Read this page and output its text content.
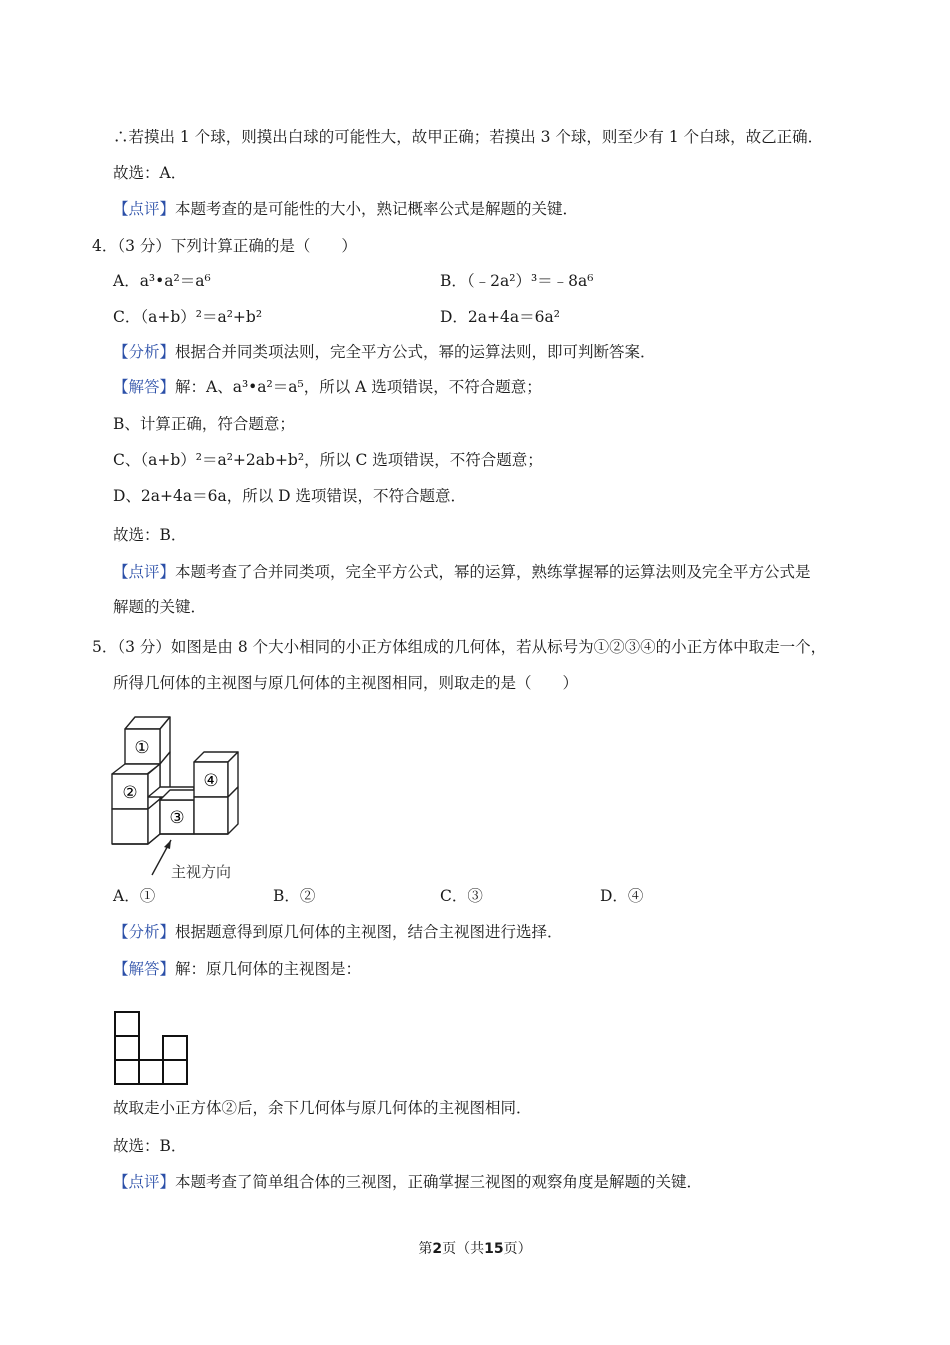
∴若摸出 1 个球，则摸出白球的可能性大，故甲正确；若摸出 3 个球，则至少有 1 个白球，故乙正确．
故选：A．
【点评】本题考查的是可能性的大小，熟记概率公式是解题的关键．
4．（3 分）下列计算正确的是（　　）
A．a³•a²＝a⁶	B．（﹣2a²）³＝﹣8a⁶
C．（a+b）²＝a²+b²	D．2a+4a＝6a²
【分析】根据合并同类项法则，完全平方公式，幂的运算法则，即可判断答案．
【解答】解：A、a³•a²＝a⁵，所以 A 选项错误，不符合题意；
B、计算正确，符合题意；
C、（a+b）²＝a²+2ab+b²，所以 C 选项错误，不符合题意；
D、2a+4a＝6a，所以 D 选项错误，不符合题意．
故选：B．
【点评】本题考查了合并同类项，完全平方公式，幂的运算，熟练掌握幂的运算法则及完全平方公式是
解题的关键．
5．（3 分）如图是由 8 个大小相同的小正方体组成的几何体，若从标号为①②③④的小正方体中取走一个，
所得几何体的主视图与原几何体的主视图相同，则取走的是（　　）
①
②
③
④
主视方向
A．①	B．②	C．③	D．④
【分析】根据题意得到原几何体的主视图，结合主视图进行选择．
【解答】解：原几何体的主视图是：
故取走小正方体②后，余下几何体与原几何体的主视图相同．
故选：B．
【点评】本题考查了简单组合体的三视图，正确掌握三视图的观察角度是解题的关键．
第2页（共15页）
